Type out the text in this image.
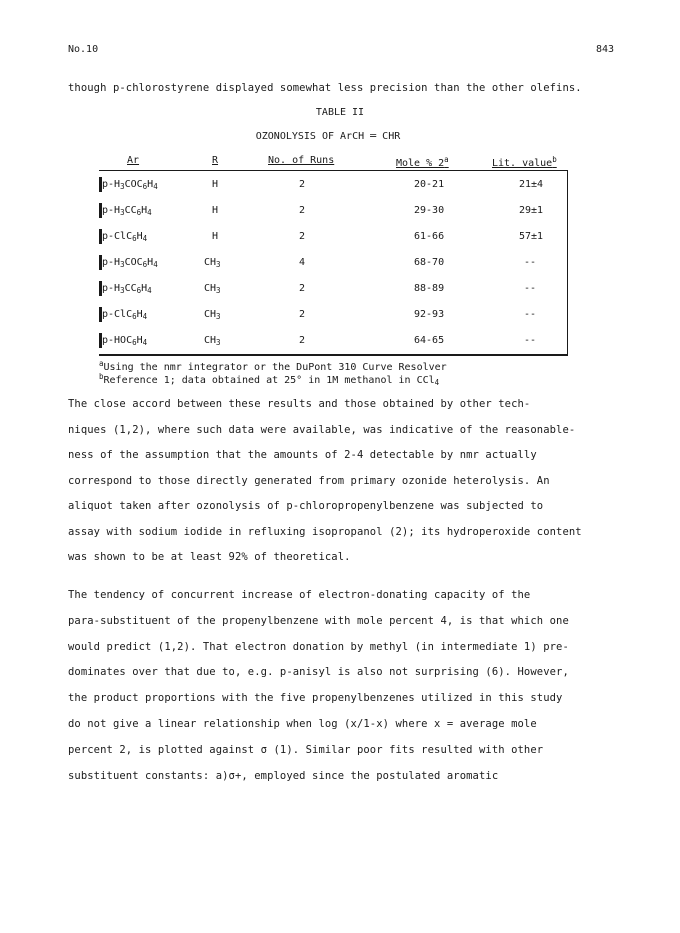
No.10	843
though p-chlorostyrene displayed somewhat less precision than the other olefins.
TABLE II
OZONOLYSIS OF ArCH ═ CHR
Ar	R	No. of Runs	Mole % 2$^a$	Lit. value$^b$
$p-H_3COC_6H_4$	H	2	20-21	21±4
$p-H_3CC_6H_4$	H	2	29-30	29±1
$p-ClC_6H_4$	H	2	61-66	57±1
$p-H_3COC_6H_4$	$CH_3$	4	68-70	--
$p-H_3CC_6H_4$	$CH_3$	2	88-89	--
$p-ClC_6H_4$	$CH_3$	2	92-93	--
$p-HOC_6H_4$	$CH_3$	2	64-65	--
$^a$Using the nmr integrator or the DuPont 310 Curve Resolver
$^b$Reference 1; data obtained at 25° in 1M methanol in CCl$_4$
The close accord between these results and those obtained by other tech-
niques (1,2), where such data were available, was indicative of the reasonable-
ness of the assumption that the amounts of 2-4 detectable by nmr actually
correspond to those directly generated from primary ozonide heterolysis. An
aliquot taken after ozonolysis of p-chloropropenylbenzene was subjected to
assay with sodium iodide in refluxing isopropanol (2); its hydroperoxide content
was shown to be at least 92% of theoretical.
The tendency of concurrent increase of electron-donating capacity of the
para-substituent of the propenylbenzene with mole percent 4, is that which one
would predict (1,2). That electron donation by methyl (in intermediate 1) pre-
dominates over that due to, e.g. p-anisyl is also not surprising (6). However,
the product proportions with the five propenylbenzenes utilized in this study
do not give a linear relationship when log (x/1-x) where x = average mole
percent 2, is plotted against σ (1). Similar poor fits resulted with other
substituent constants: a)σ+, employed since the postulated aromatic
